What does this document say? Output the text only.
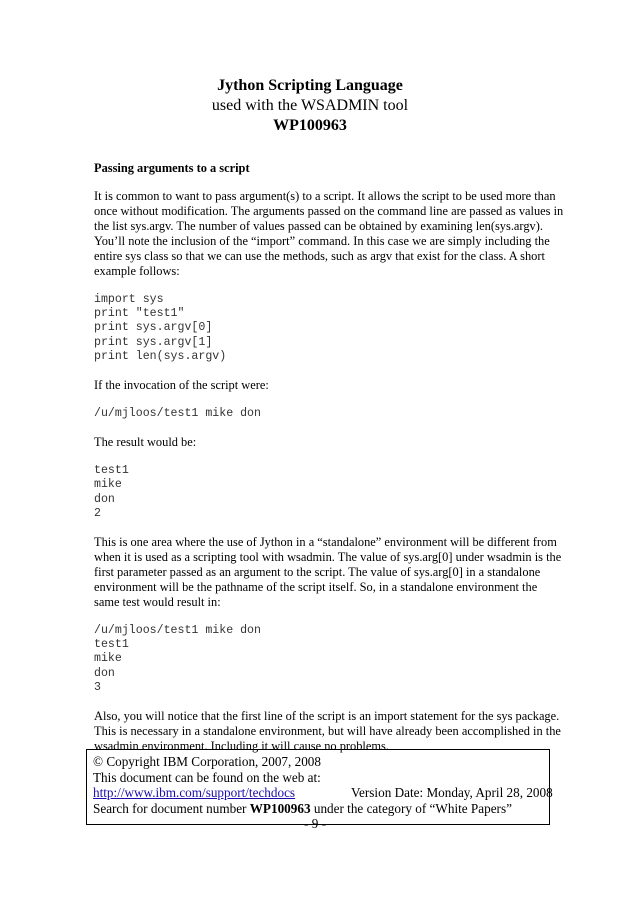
Jython Scripting Language
used with the WSADMIN tool
WP100963
Passing arguments to a script
It is common to want to pass argument(s) to a script. It allows the script to be used more than once without modification. The arguments passed on the command line are passed as values in the list sys.argv. The number of values passed can be obtained by examining len(sys.argv). You’ll note the inclusion of the “import” command. In this case we are simply including the entire sys class so that we can use the methods, such as argv that exist for the class. A short example follows:
import sys
print "test1"
print sys.argv[0]
print sys.argv[1]
print len(sys.argv)
If the invocation of the script were:
/u/mjloos/test1 mike don
The result would be:
test1
mike
don
2
This is one area where the use of Jython in a “standalone” environment will be different from when it is used as a scripting tool with wsadmin. The value of sys.arg[0] under wsadmin is the first parameter passed as an argument to the script. The value of sys.arg[0] in a standalone environment will be the pathname of the script itself. So, in a standalone environment the same test would result in:
/u/mjloos/test1 mike don
test1
mike
don
3
Also, you will notice that the first line of the script is an import statement for the sys package. This is necessary in a standalone environment, but will have already been accomplished in the wsadmin environment. Including it will cause no problems.
© Copyright IBM Corporation, 2007, 2008
This document can be found on the web at:
http://www.ibm.com/support/techdocs	Version Date: Monday, April 28, 2008
Search for document number WP100963 under the category of “White Papers”
- 9 -
